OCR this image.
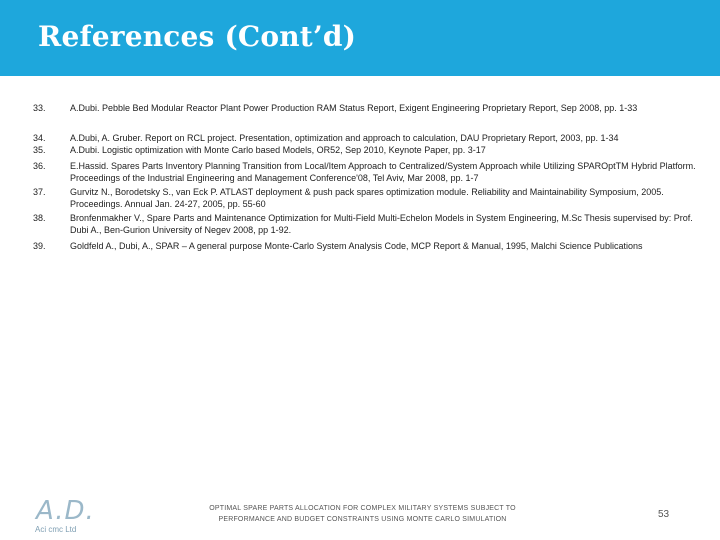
References (Cont’d)
33.	A.Dubi. Pebble Bed Modular Reactor Plant Power Production RAM Status Report, Exigent Engineering Proprietary Report, Sep 2008, pp. 1-33
34.	A.Dubi, A. Gruber. Report on RCL project. Presentation, optimization and approach to calculation, DAU Proprietary Report, 2003, pp. 1-34
35.	A.Dubi. Logistic optimization with Monte Carlo based Models, OR52, Sep 2010, Keynote Paper, pp. 3-17
36.	E.Hassid. Spares Parts Inventory Planning Transition from Local/Item Approach to Centralized/System Approach while Utilizing SPAROptTM Hybrid Platform. Proceedings of the Industrial Engineering and Management Conference'08, Tel Aviv, Mar 2008, pp. 1-7
37.	Gurvitz N., Borodetsky S., van Eck P. ATLAST deployment & push pack spares optimization module. Reliability and Maintainability Symposium, 2005. Proceedings. Annual Jan. 24-27, 2005, pp. 55-60
38.	Bronfenmakher V., Spare Parts and Maintenance Optimization for Multi-Field Multi-Echelon Models in System Engineering, M.Sc Thesis supervised by: Prof. Dubi A., Ben-Gurion University of Negev 2008, pp 1-92.
39.	Goldfeld A., Dubi, A., SPAR – A general purpose Monte-Carlo System Analysis Code, MCP Report & Manual, 1995, Malchi Science Publications
A.D.
Aci cmc Ltd
OPTIMAL SPARE PARTS ALLOCATION FOR COMPLEX MILITARY SYSTEMS SUBJECT TO
PERFORMANCE AND BUDGET CONSTRAINTS USING MONTE CARLO SIMULATION	53
